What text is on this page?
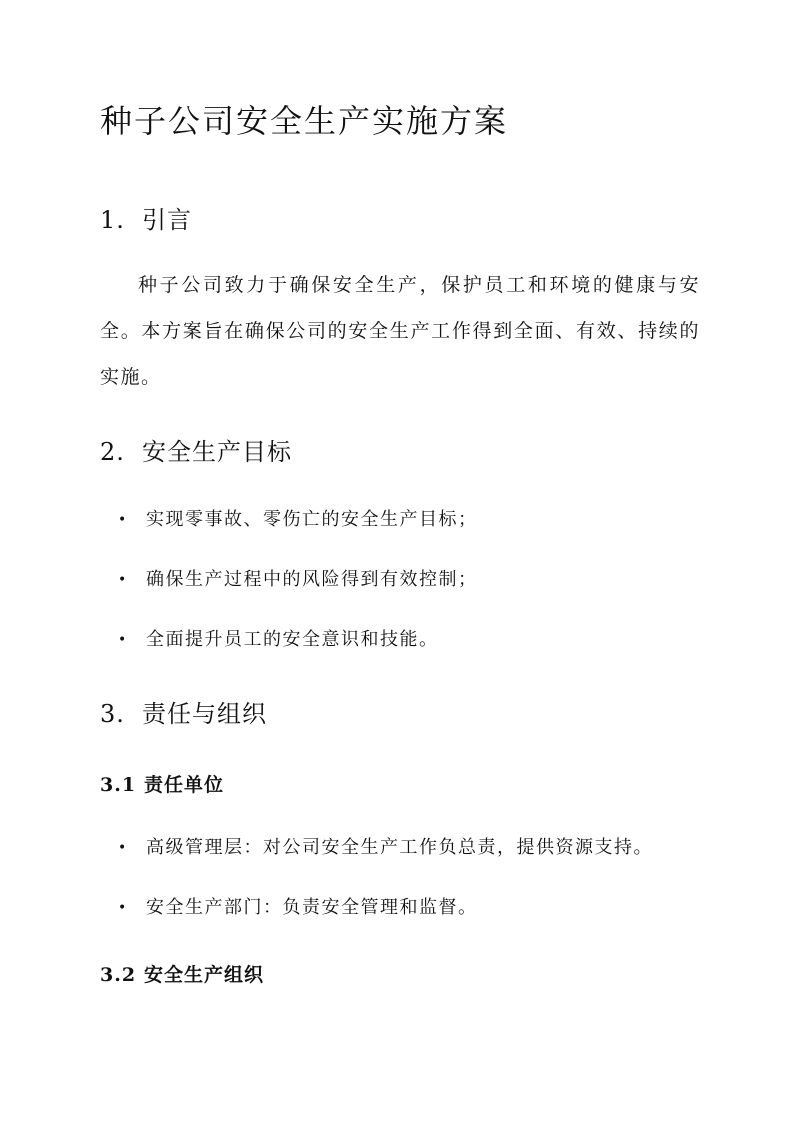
种子公司安全生产实施方案
1. 引言

种子公司致力于确保安全生产，保护员工和环境的健康与安全。本方案旨在确保公司的安全生产工作得到全面、有效、持续的实施。

2. 安全生产目标
• 实现零事故、零伤亡的安全生产目标；
• 确保生产过程中的风险得到有效控制；
• 全面提升员工的安全意识和技能。
3. 责任与组织
3.1 责任单位
• 高级管理层：对公司安全生产工作负总责，提供资源支持。
• 安全生产部门：负责安全管理和监督。
3.2 安全生产组织
